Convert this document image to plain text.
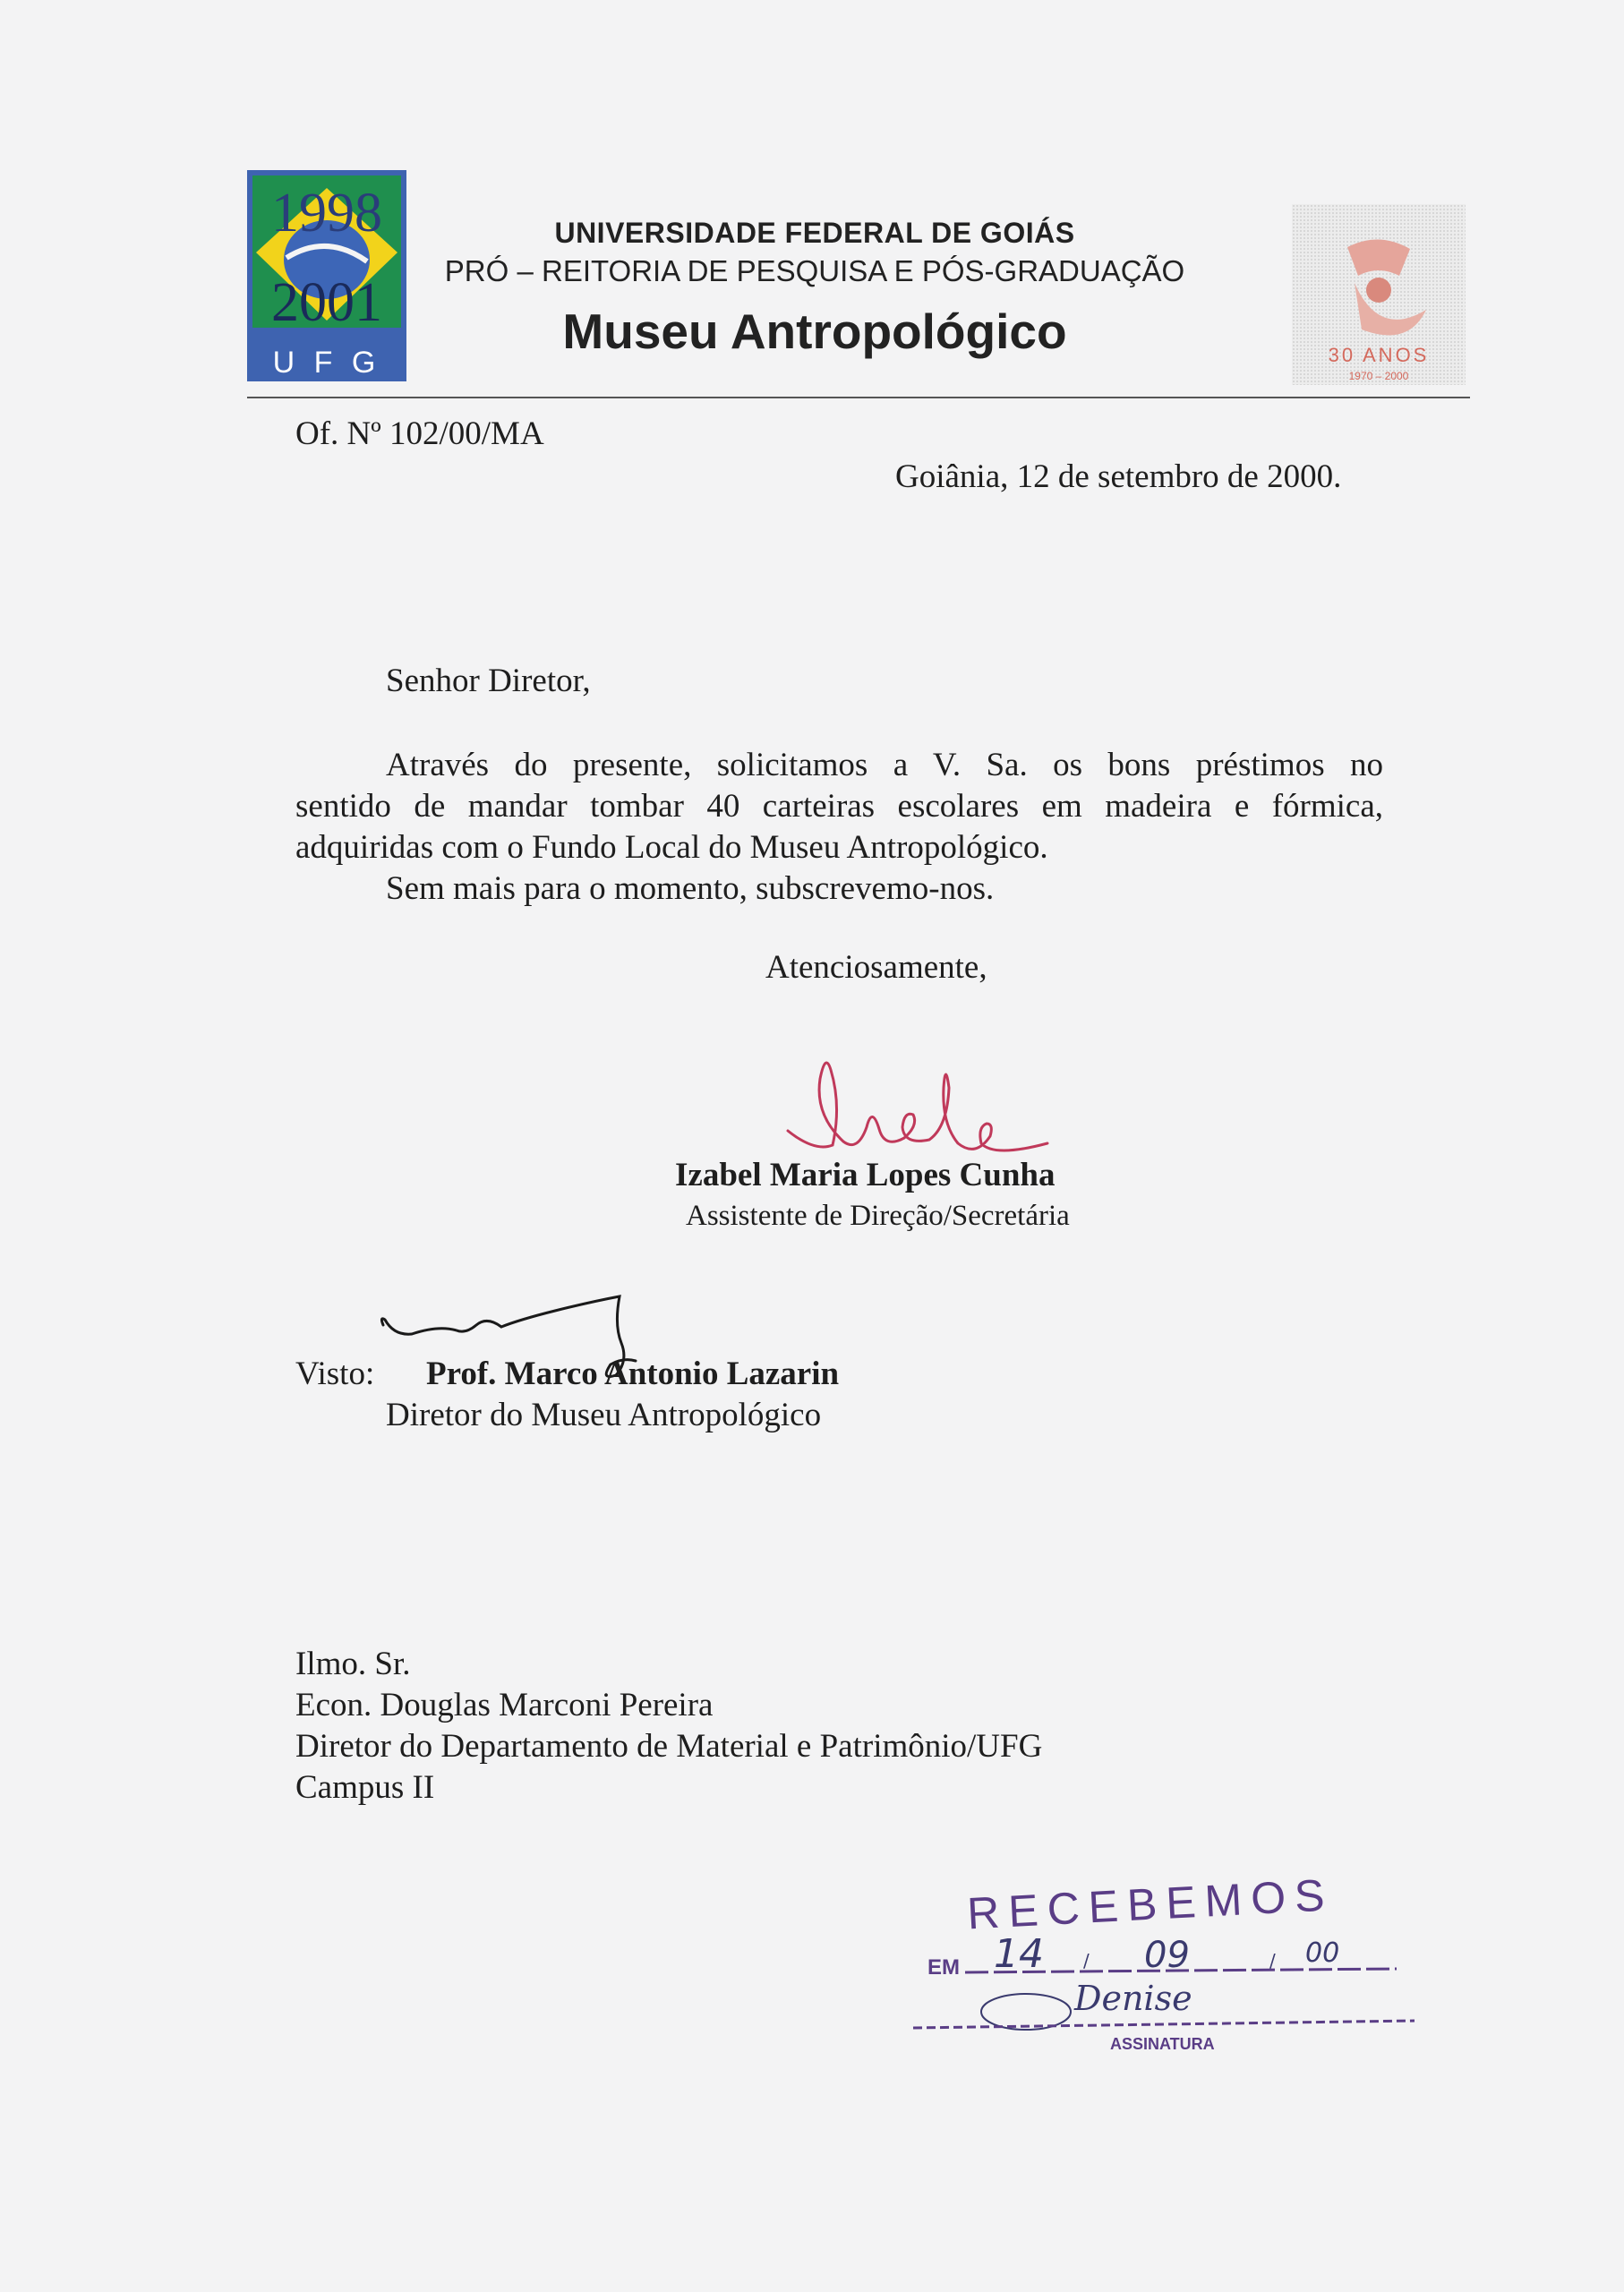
1998
2001
U F G
UNIVERSIDADE FEDERAL DE GOIÁS
PRÓ – REITORIA DE PESQUISA E PÓS-GRADUAÇÃO
Museu Antropológico	30 ANOS
1970 – 2000
Of. Nº 102/00/MA
Goiânia, 12 de setembro de 2000.
Senhor Diretor,
Através do presente, solicitamos a V. Sa. os bons préstimos no
sentido de mandar tombar 40 carteiras escolares em madeira e fórmica,
adquiridas com o Fundo Local do Museu Antropológico.
Sem mais para o momento, subscrevemo-nos.
Atenciosamente,
Izabel Maria Lopes Cunha
Assistente de Direção/Secretária
Visto: Prof. Marco Antonio Lazarin
Diretor do Museu Antropológico
Ilmo. Sr.
Econ. Douglas Marconi Pereira
Diretor do Departamento de Material e Patrimônio/UFG
Campus II
RECEBEMOS
EM 14 / 09	/ 00
Denise
ASSINATURA
